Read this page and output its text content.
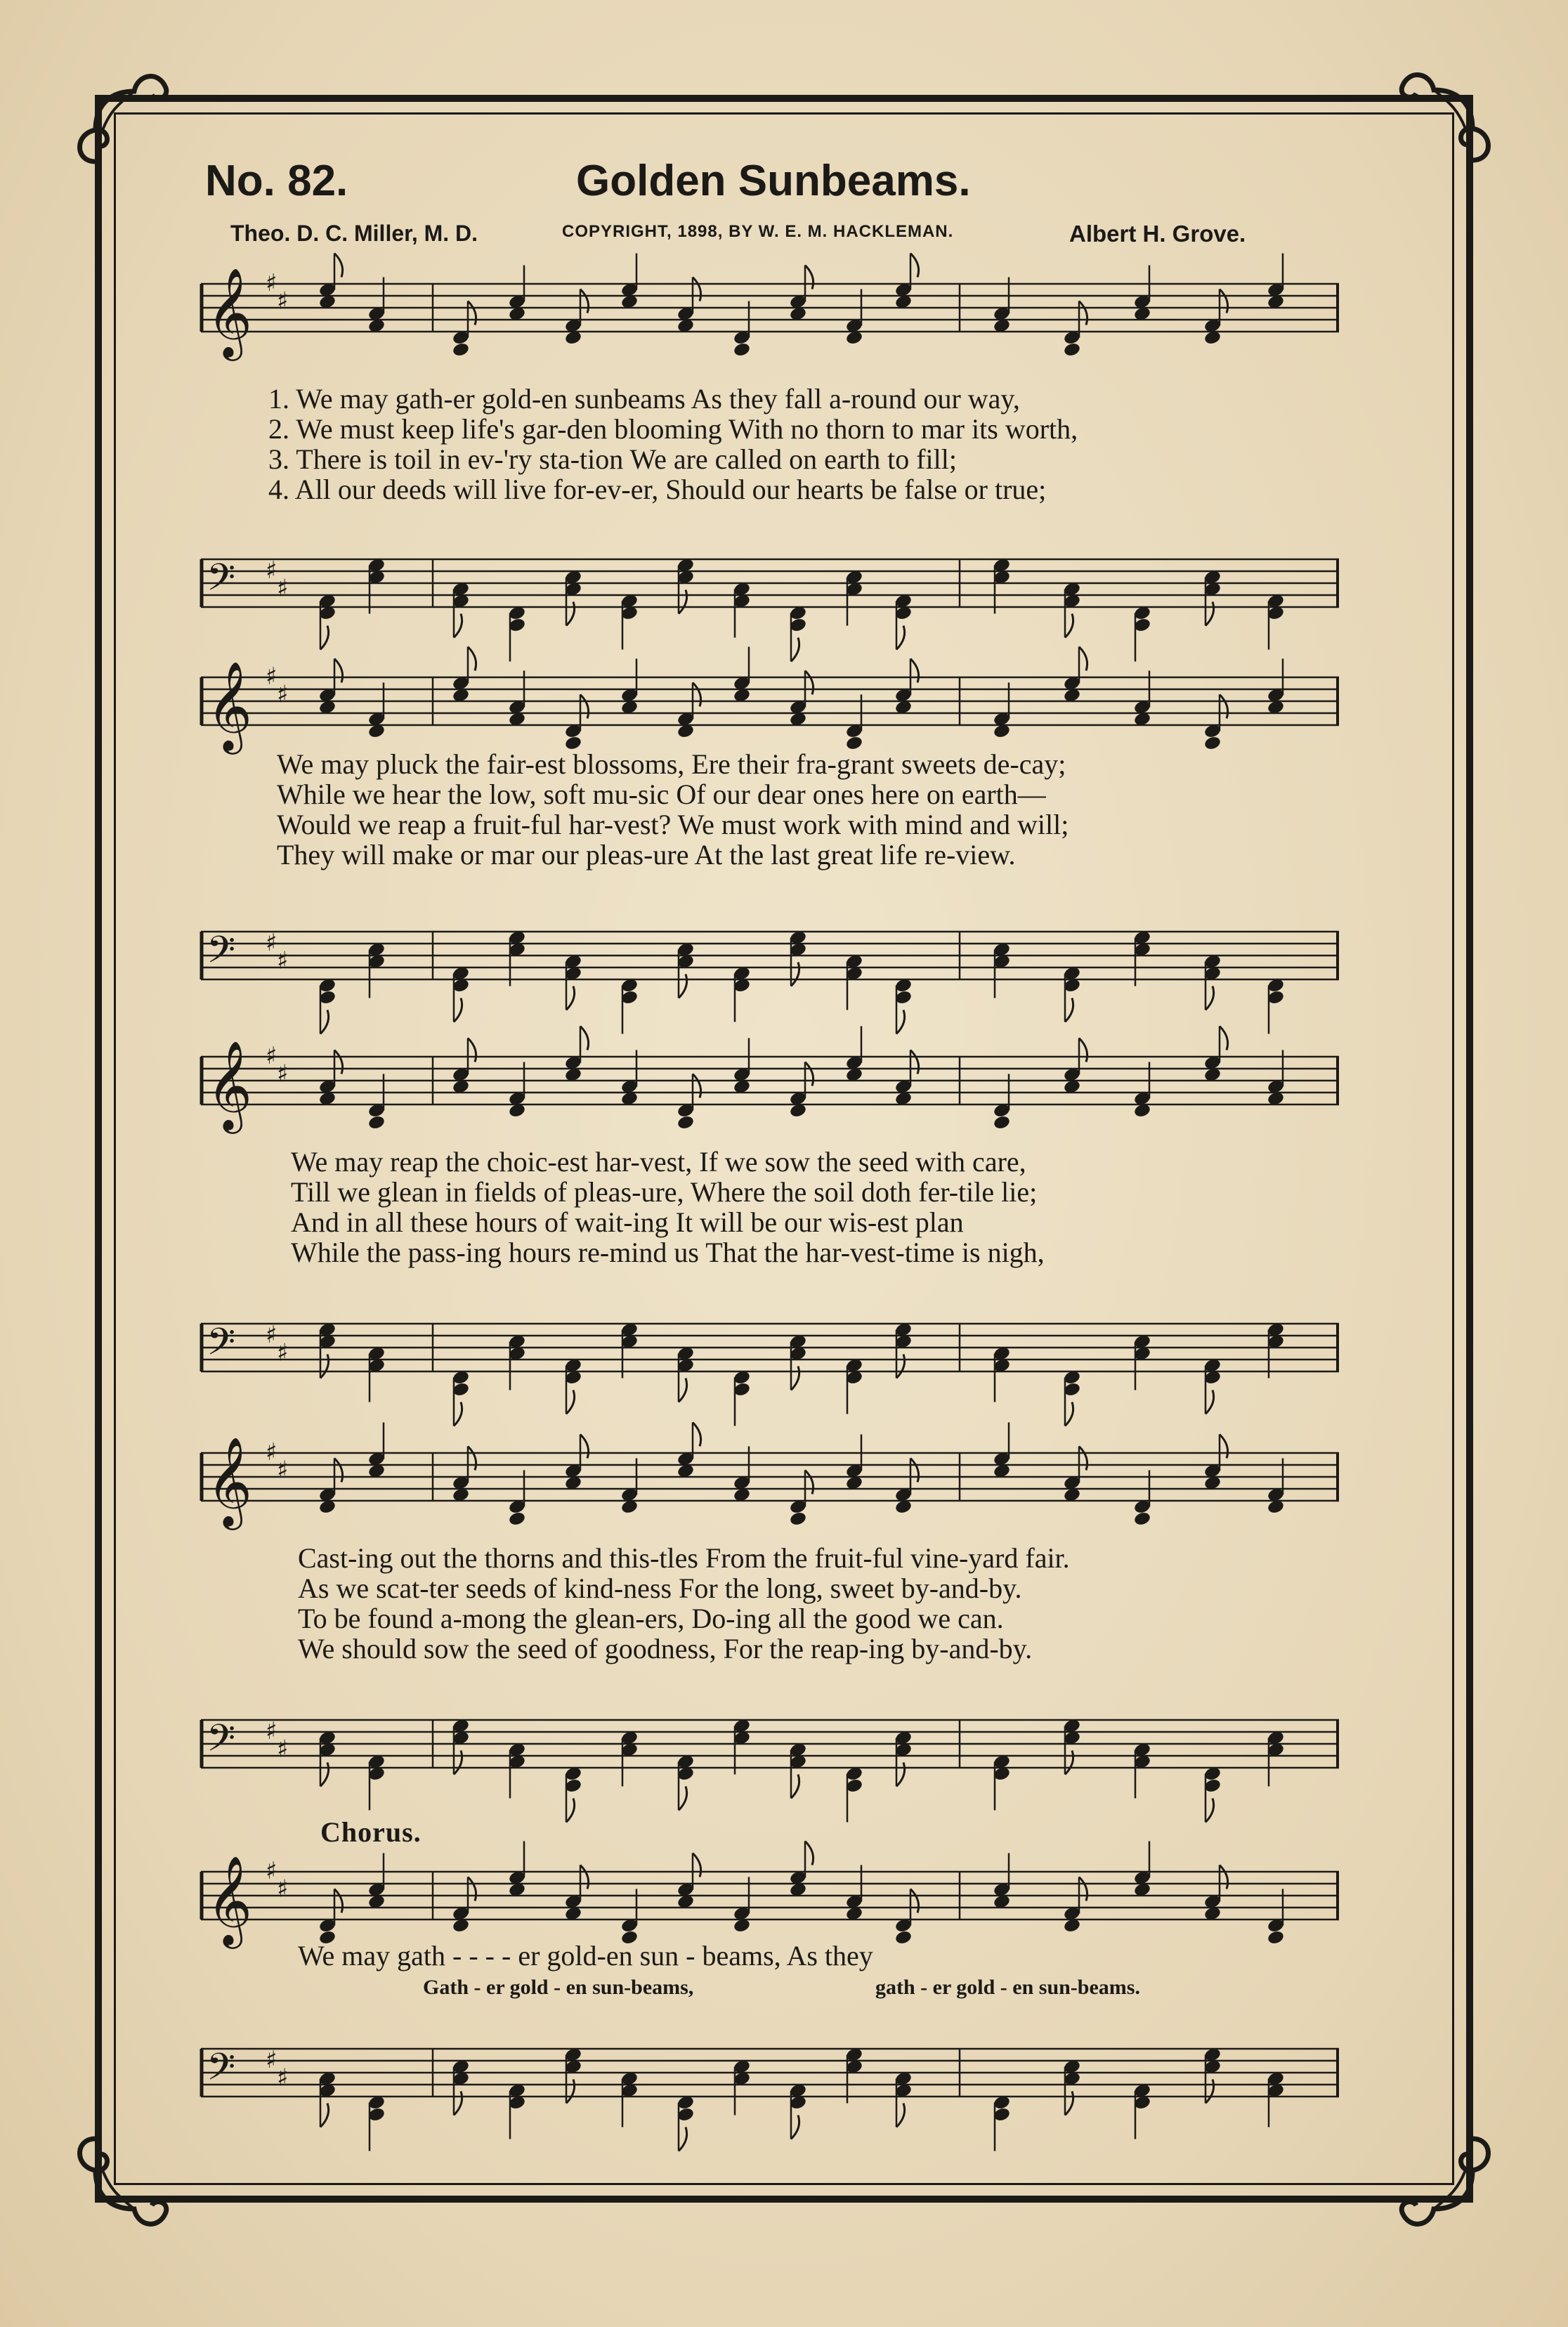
No. 82.	Golden Sunbeams.
Theo. D. C. Miller, M. D.	COPYRIGHT, 1898, BY W. E. M. HACKLEMAN.	Albert H. Grove.
𝄞 ♯
♯
1. We may gath-er gold-en sunbeams As they fall a-round our way,
2. We must keep life's gar-den blooming With no thorn to mar its worth,
3. There is toil in ev-'ry sta-tion We are called on earth to fill;
4. All our deeds will live for-ev-er, Should our hearts be false or true;
𝄢 ♯
♯
𝄞 ♯
♯
We may pluck the fair-est blossoms, Ere their fra-grant sweets de-cay;
While we hear the low, soft mu-sic Of our dear ones here on earth—
Would we reap a fruit-ful har-vest? We must work with mind and will;
They will make or mar our pleas-ure At the last great life re-view.
𝄢 ♯
♯
𝄞 ♯
♯
We may reap the choic-est har-vest, If we sow the seed with care,
Till we glean in fields of pleas-ure, Where the soil doth fer-tile lie;
And in all these hours of wait-ing It will be our wis-est plan
While the pass-ing hours re-mind us That the har-vest-time is nigh,
𝄢 ♯
♯
𝄞 ♯
♯
Cast-ing out the thorns and this-tles From the fruit-ful vine-yard fair.
As we scat-ter seeds of kind-ness For the long, sweet by-and-by.
To be found a-mong the glean-ers, Do-ing all the good we can.
We should sow the seed of goodness, For the reap-ing by-and-by.
𝄢 ♯
♯
Chorus.
𝄞 ♯
♯
We may gath - - - - er gold-en sun - beams, As they
Gath - er gold - en sun-beams,	gath - er gold - en sun-beams.
𝄢 ♯
♯
